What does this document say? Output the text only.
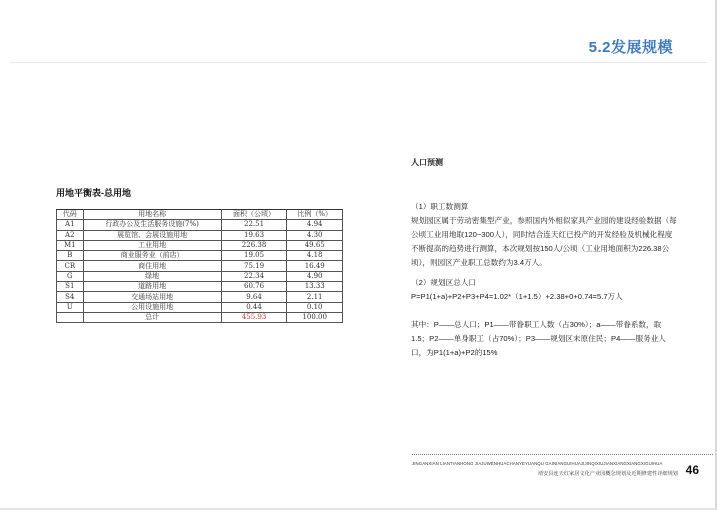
5.2发展规模
用地平衡表-总用地
代码	用地名称	面积（公顷）	比例（%）
A1	行政办公及生活服务设施(7%)	22.51	4.94
A2	展览馆、会展设施用地	19.63	4.30
M1	工业用地	226.38	49.65
B	商业服务业（前店）	19.05	4.18
CR	商住用地	75.19	16.49
G	绿地	22.34	4.90
S1	道路用地	60.76	13.33
S4	交通场站用地	9.64	2.11
U	公用设施用地	0.44	0.10
	总计	455.93	100.00
人口预测

（1）职工数测算

规划园区属于劳动密集型产业，参照国内外相似家具产业园的建设经验数据（每公顷工业用地取120~300人），同时结合连天红已投产的开发经验及机械化程度不断提高的趋势进行测算，本次规划按150人/公顷（工业用地面积为226.38公顷），则园区产业职工总数约为3.4万人。

（2）规划区总人口

P=P1(1+a)+P2+P3+P4=1.02*（1+1.5）+2.38+0+0.74=5.7万人

其中：P——总人口；P1——带眷职工人数（占30%）；a——带眷系数，取1.5；P2——单身职工（占70%）；P3——规划区末原住民；P4——服务业人口，为P1(1+a)+P2的15%

JINGANXIAN LIANTIANHONG JIAJUWENHUACHANYEYUANQU GAINIANGUIHUAJIJINQIXIUJIANXIANGXIANGXIGUIHUA
靖安县连天红家居文化产业园概念规划及近期修建性详细规划 46
